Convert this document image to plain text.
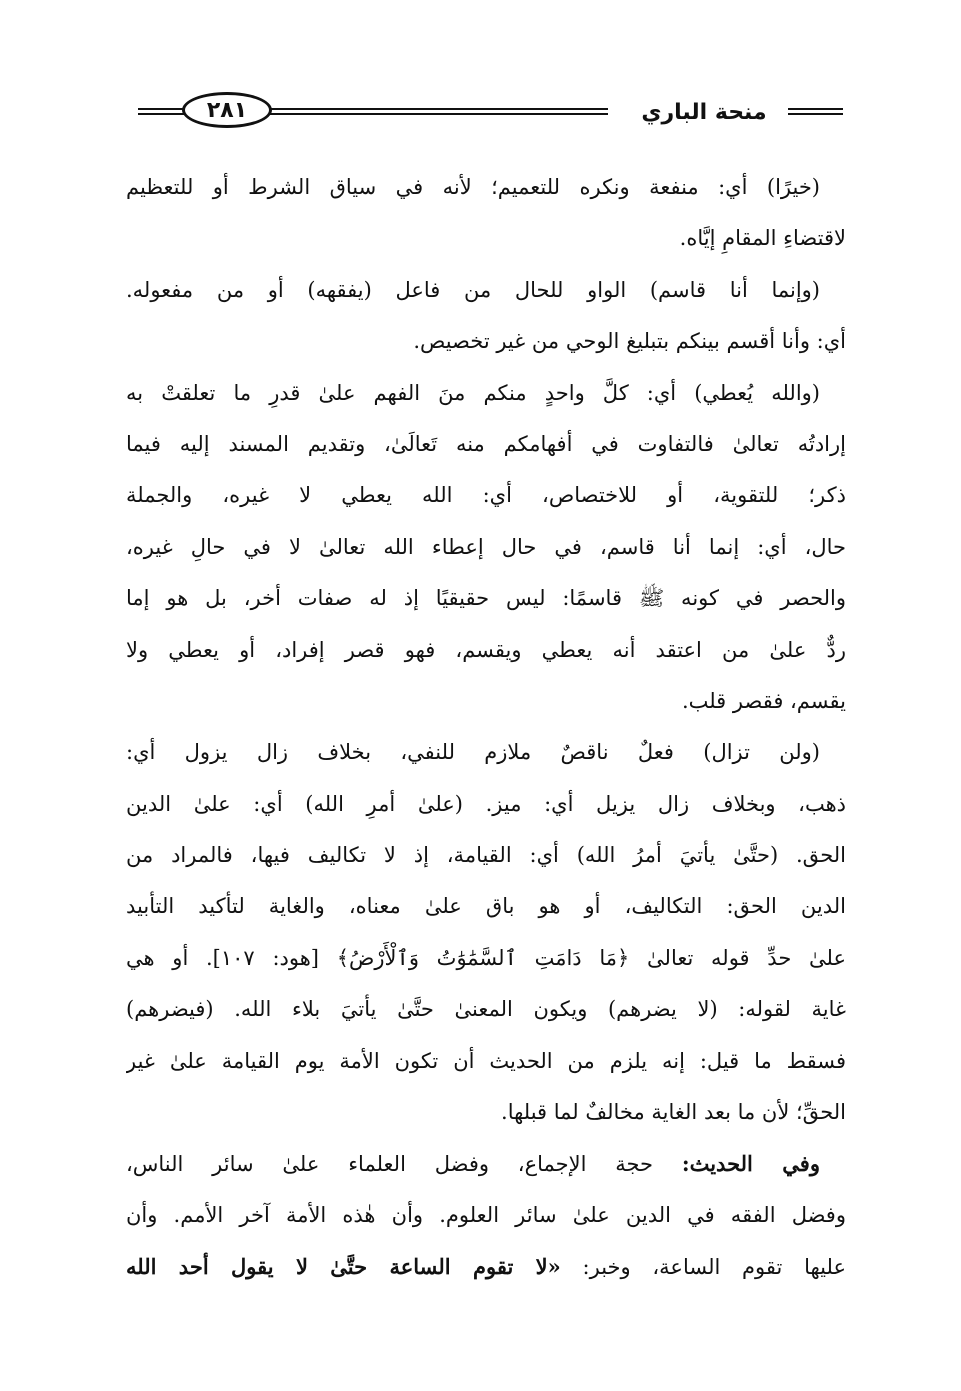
٢٨١	منحة الباري
(خيرًا) أي: منفعة ونكره للتعميم؛ لأنه في سياق الشرط أو للتعظيم
لاقتضاءِ المقامِ إيَّاه.
(وإنما أنا قاسم) الواو للحال من فاعل (يفقهه) أو من مفعوله.
أي: وأنا أقسم بينكم بتبليغ الوحي من غير تخصيص.
(والله يُعطي) أي: كلَّ واحدٍ منكم منَ الفهم علىٰ قدرِ ما تعلقتْ به
إرادتُه تعالىٰ فالتفاوت في أفهامكم منه تَعالَىٰ، وتقديم المسند إليه فيما
ذكر؛ للتقوية، أو للاختصاص، أي: الله يعطي لا غيره، والجملة
حال، أي: إنما أنا قاسم، في حال إعطاء الله تعالىٰ لا في حالِ غيره،
والحصر في كونه ﷺ قاسمًا: ليس حقيقيًا إذ له صفات أخر، بل هو إما
ردٌّ علىٰ من اعتقد أنه يعطي ويقسم، فهو قصر إفراد، أو يعطي ولا
يقسم، فقصر قلب.
(ولن تزال) فعلٌ ناقصٌ ملازم للنفي، بخلاف زال يزول أي:
ذهب، وبخلاف زال يزيل أي: ميز. (علىٰ أمرِ الله) أي: علىٰ الدين
الحق. (حتَّىٰ يأتيَ أمرُ الله) أي: القيامة، إذ لا تكاليف فيها، فالمراد من
الدين الحق: التكاليف، أو هو باق علىٰ معناه، والغاية لتأكيد التأبيد
علىٰ حدِّ قوله تعالىٰ ﴿مَا دَامَتِ ٱلسَّمَٰوَٰتُ وَٱلْأَرْضُ﴾ [هود: ١٠٧]. أو هي
غاية لقوله: (لا يضرهم) ويكون المعنىٰ حتَّىٰ يأتيَ بلاء الله. (فيضرهم)
فسقط ما قيل: إنه يلزم من الحديث أن تكون الأمة يوم القيامة علىٰ غير
الحقِّ؛ لأن ما بعد الغاية مخالفٌ لما قبلها.
وفي الحديث: حجة الإجماع، وفضل العلماء علىٰ سائر الناس،
وفضل الفقه في الدين علىٰ سائر العلوم. وأن هٰذه الأمة آخر الأمم. وأن
عليها تقوم الساعة، وخبر: «لا تقوم الساعة حتَّىٰ لا يقول أحد الله
